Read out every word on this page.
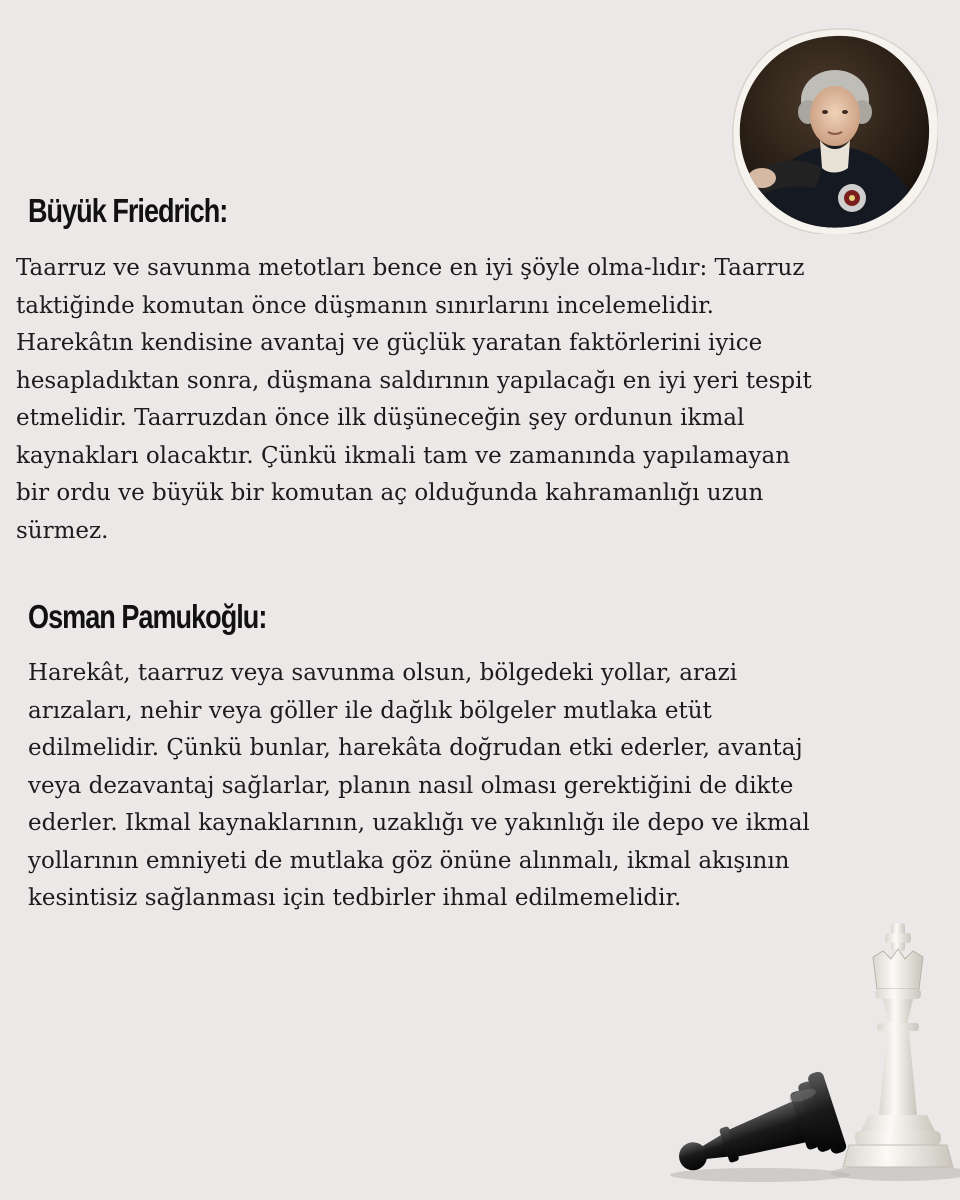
Büyük Friedrich:
Taarruz ve savunma metotları bence en iyi şöyle olma-lıdır: Taarruz
taktiğinde komutan önce düşmanın sınırlarını incelemelidir.
Harekâtın kendisine avantaj ve güçlük yaratan faktörlerini iyice
hesapladıktan sonra, düşmana saldırının yapılacağı en iyi yeri tespit
etmelidir. Taarruzdan önce ilk düşüneceğin şey ordunun ikmal
kaynakları olacaktır. Çünkü ikmali tam ve zamanında yapılamayan
bir ordu ve büyük bir komutan aç olduğunda kahramanlığı uzun
sürmez.
Osman Pamukoğlu:
Harekât, taarruz veya savunma olsun, bölgedeki yollar, arazi
arızaları, nehir veya göller ile dağlık bölgeler mutlaka etüt
edilmelidir. Çünkü bunlar, harekâta doğrudan etki ederler, avantaj
veya dezavantaj sağlarlar, planın nasıl olması gerektiğini de dikte
ederler. Ikmal kaynaklarının, uzaklığı ve yakınlığı ile depo ve ikmal
yollarının emniyeti de mutlaka göz önüne alınmalı, ikmal akışının
kesintisiz sağlanması için tedbirler ihmal edilmemelidir.
